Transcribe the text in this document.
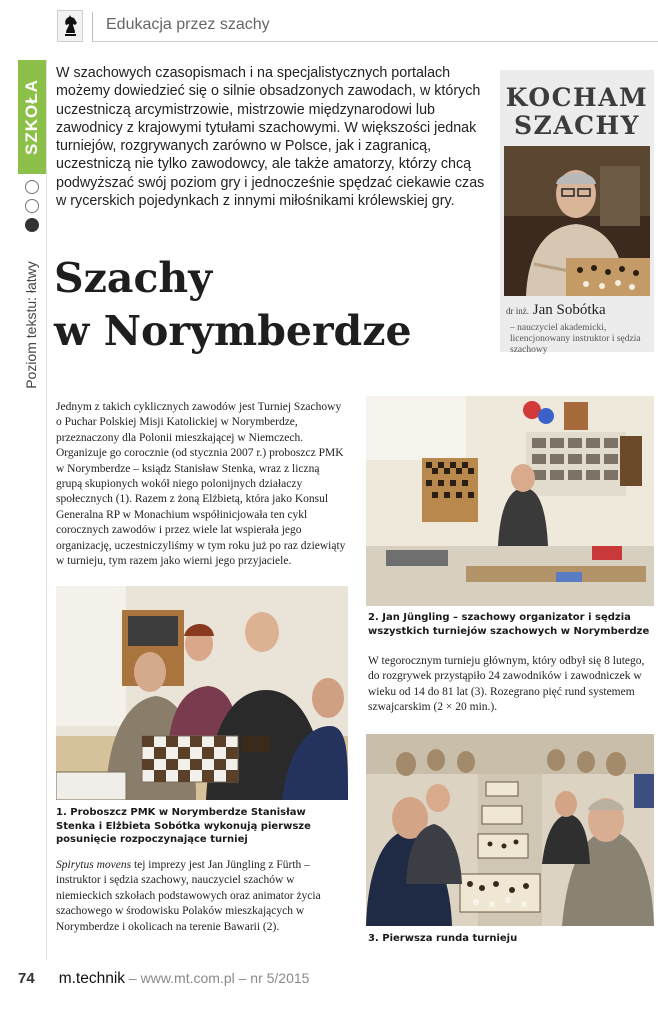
Edukacja przez szachy
SZKOŁA
Poziom tekstu: łatwy

W szachowych czasopismach i na specjalistycznych portalach możemy dowiedzieć się o silnie obsadzonych zawodach, w których uczestniczą arcymistrzowie, mistrzowie międzynarodowi lub zawodnicy z krajowymi tytułami szachowymi. W większości jednak turniejów, rozgrywanych zarówno w Polsce, jak i zagranicą, uczestniczą nie tylko zawodowcy, ale także amatorzy, którzy chcą podwyższać swój poziom gry i jednocześnie spędzać ciekawie czas w rycerskich pojedynkach z innymi miłośnikami królewskiej gry.

Szachy
w Norymberdze
KOCHAM
SZACHY
dr inż. Jan Sobótka
– nauczyciel akademicki, licencjonowany instruktor i sędzia szachowy

Jednym z takich cyklicznych zawodów jest Turniej Szachowy o Puchar Polskiej Misji Katolickiej w Norymberdze, przeznaczony dla Polonii mieszkającej w Niemczech. Organizuje go corocznie (od stycznia 2007 r.) proboszcz PMK w Norymberdze – ksiądz Stanisław Stenka, wraz z liczną grupą skupionych wokół niego polonijnych działaczy społecznych (1). Razem z żoną Elżbietą, która jako Konsul Generalna RP w Monachium współinicjowała ten cykl corocznych zawodów i przez wiele lat wspierała jego organizację, uczestniczyliśmy w tym roku już po raz dziewiąty w turnieju, tym razem jako wierni jego przyjaciele.

1. Proboszcz PMK w Norymberdze Stanisław Stenka i Elżbieta Sobótka wykonują pierwsze posunięcie rozpoczynające turniej

Spirytus movens tej imprezy jest Jan Jüngling z Fürth – instruktor i sędzia szachowy, nauczyciel szachów w niemieckich szkołach podstawowych oraz animator życia szachowego w środowisku Polaków mieszkających w Norymberdze i okolicach na terenie Bawarii (2).

2. Jan Jüngling – szachowy organizator i sędzia wszystkich turniejów szachowych w Norymberdze

W tegorocznym turnieju głównym, który odbył się 8 lutego, do rozgrywek przystąpiło 24 zawodników i zawodniczek w wieku od 14 do 81 lat (3). Rozegrano pięć rund systemem szwajcarskim (2 × 20 min.).

3. Pierwsza runda turnieju

74 m.technik – www.mt.com.pl – nr 5/2015
